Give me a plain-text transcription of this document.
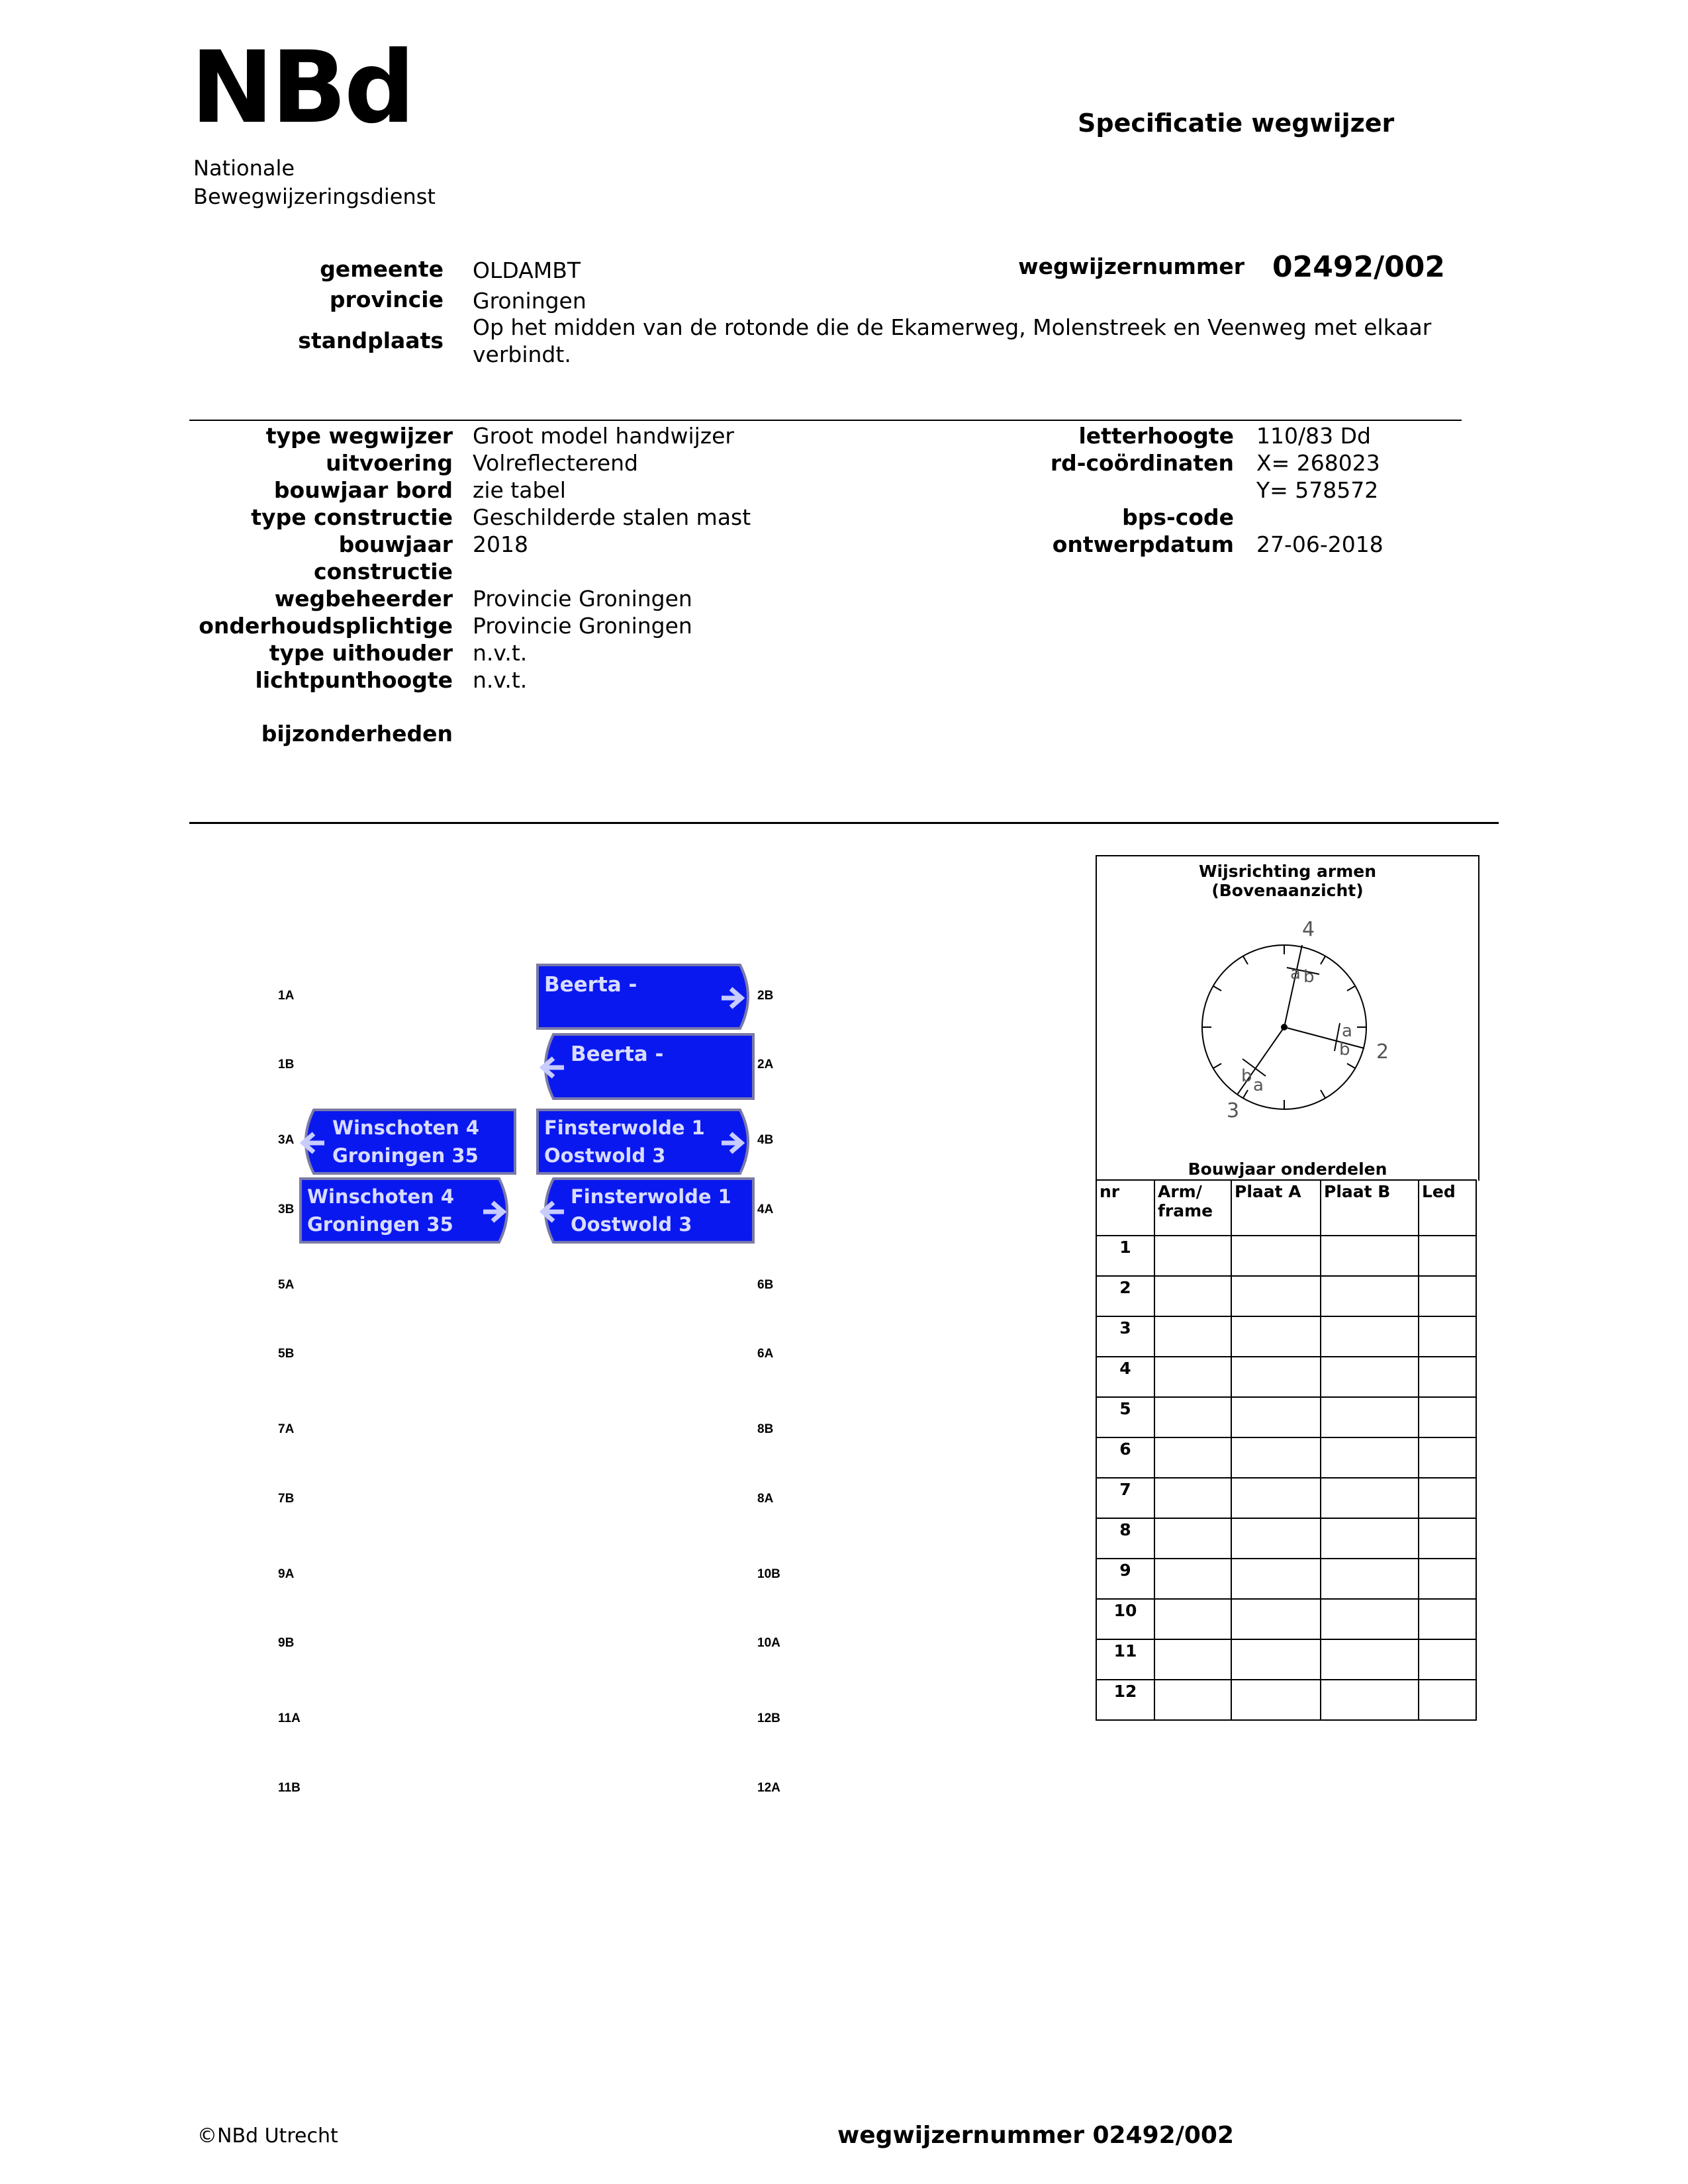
NBd
Nationale
Bewegwijzeringsdienst
Specificatie wegwijzer
gemeente OLDAMBT
provincie Groningen
standplaats
Op het midden van de rotonde die de Ekamerweg, Molenstreek en Veenweg met elkaar
verbindt.
wegwijzernummer 02492/002
type wegwijzer Groot model handwijzer
uitvoering Volreflecterend
bouwjaar bord zie tabel
type constructie Geschilderde stalen mast
bouwjaar 2018
constructie
wegbeheerder Provincie Groningen
onderhoudsplichtige Provincie Groningen
type uithouder n.v.t.
lichtpunthoogte n.v.t.
bijzonderheden
letterhoogte 110/83 Dd
rd-coördinaten X= 268023
Y= 578572
bps-code
ontwerpdatum 27-06-2018
1A
1B
3A
3B
5A
5B
7A
7B
9A
9B
11A
11B
2B
2A
4B
4A
6B
6A
8B
8A
10B
10A
12B
12A
Beerta -
Beerta -
Winschoten 4
Groningen 35
Finsterwolde 1
Oostwold 3
Winschoten 4
Groningen 35
Finsterwolde 1
Oostwold 3
Wijsrichting armen
(Bovenaanzicht)
4
a b
2
a
b
3
a
b
Bouwjaar onderdelen
nr	Arm/ frame	Plaat A	Plaat B	Led
1				
2				
3				
4				
5				
6				
7				
8				
9				
10				
11				
12				
©NBd Utrecht	wegwijzernummer 02492/002
